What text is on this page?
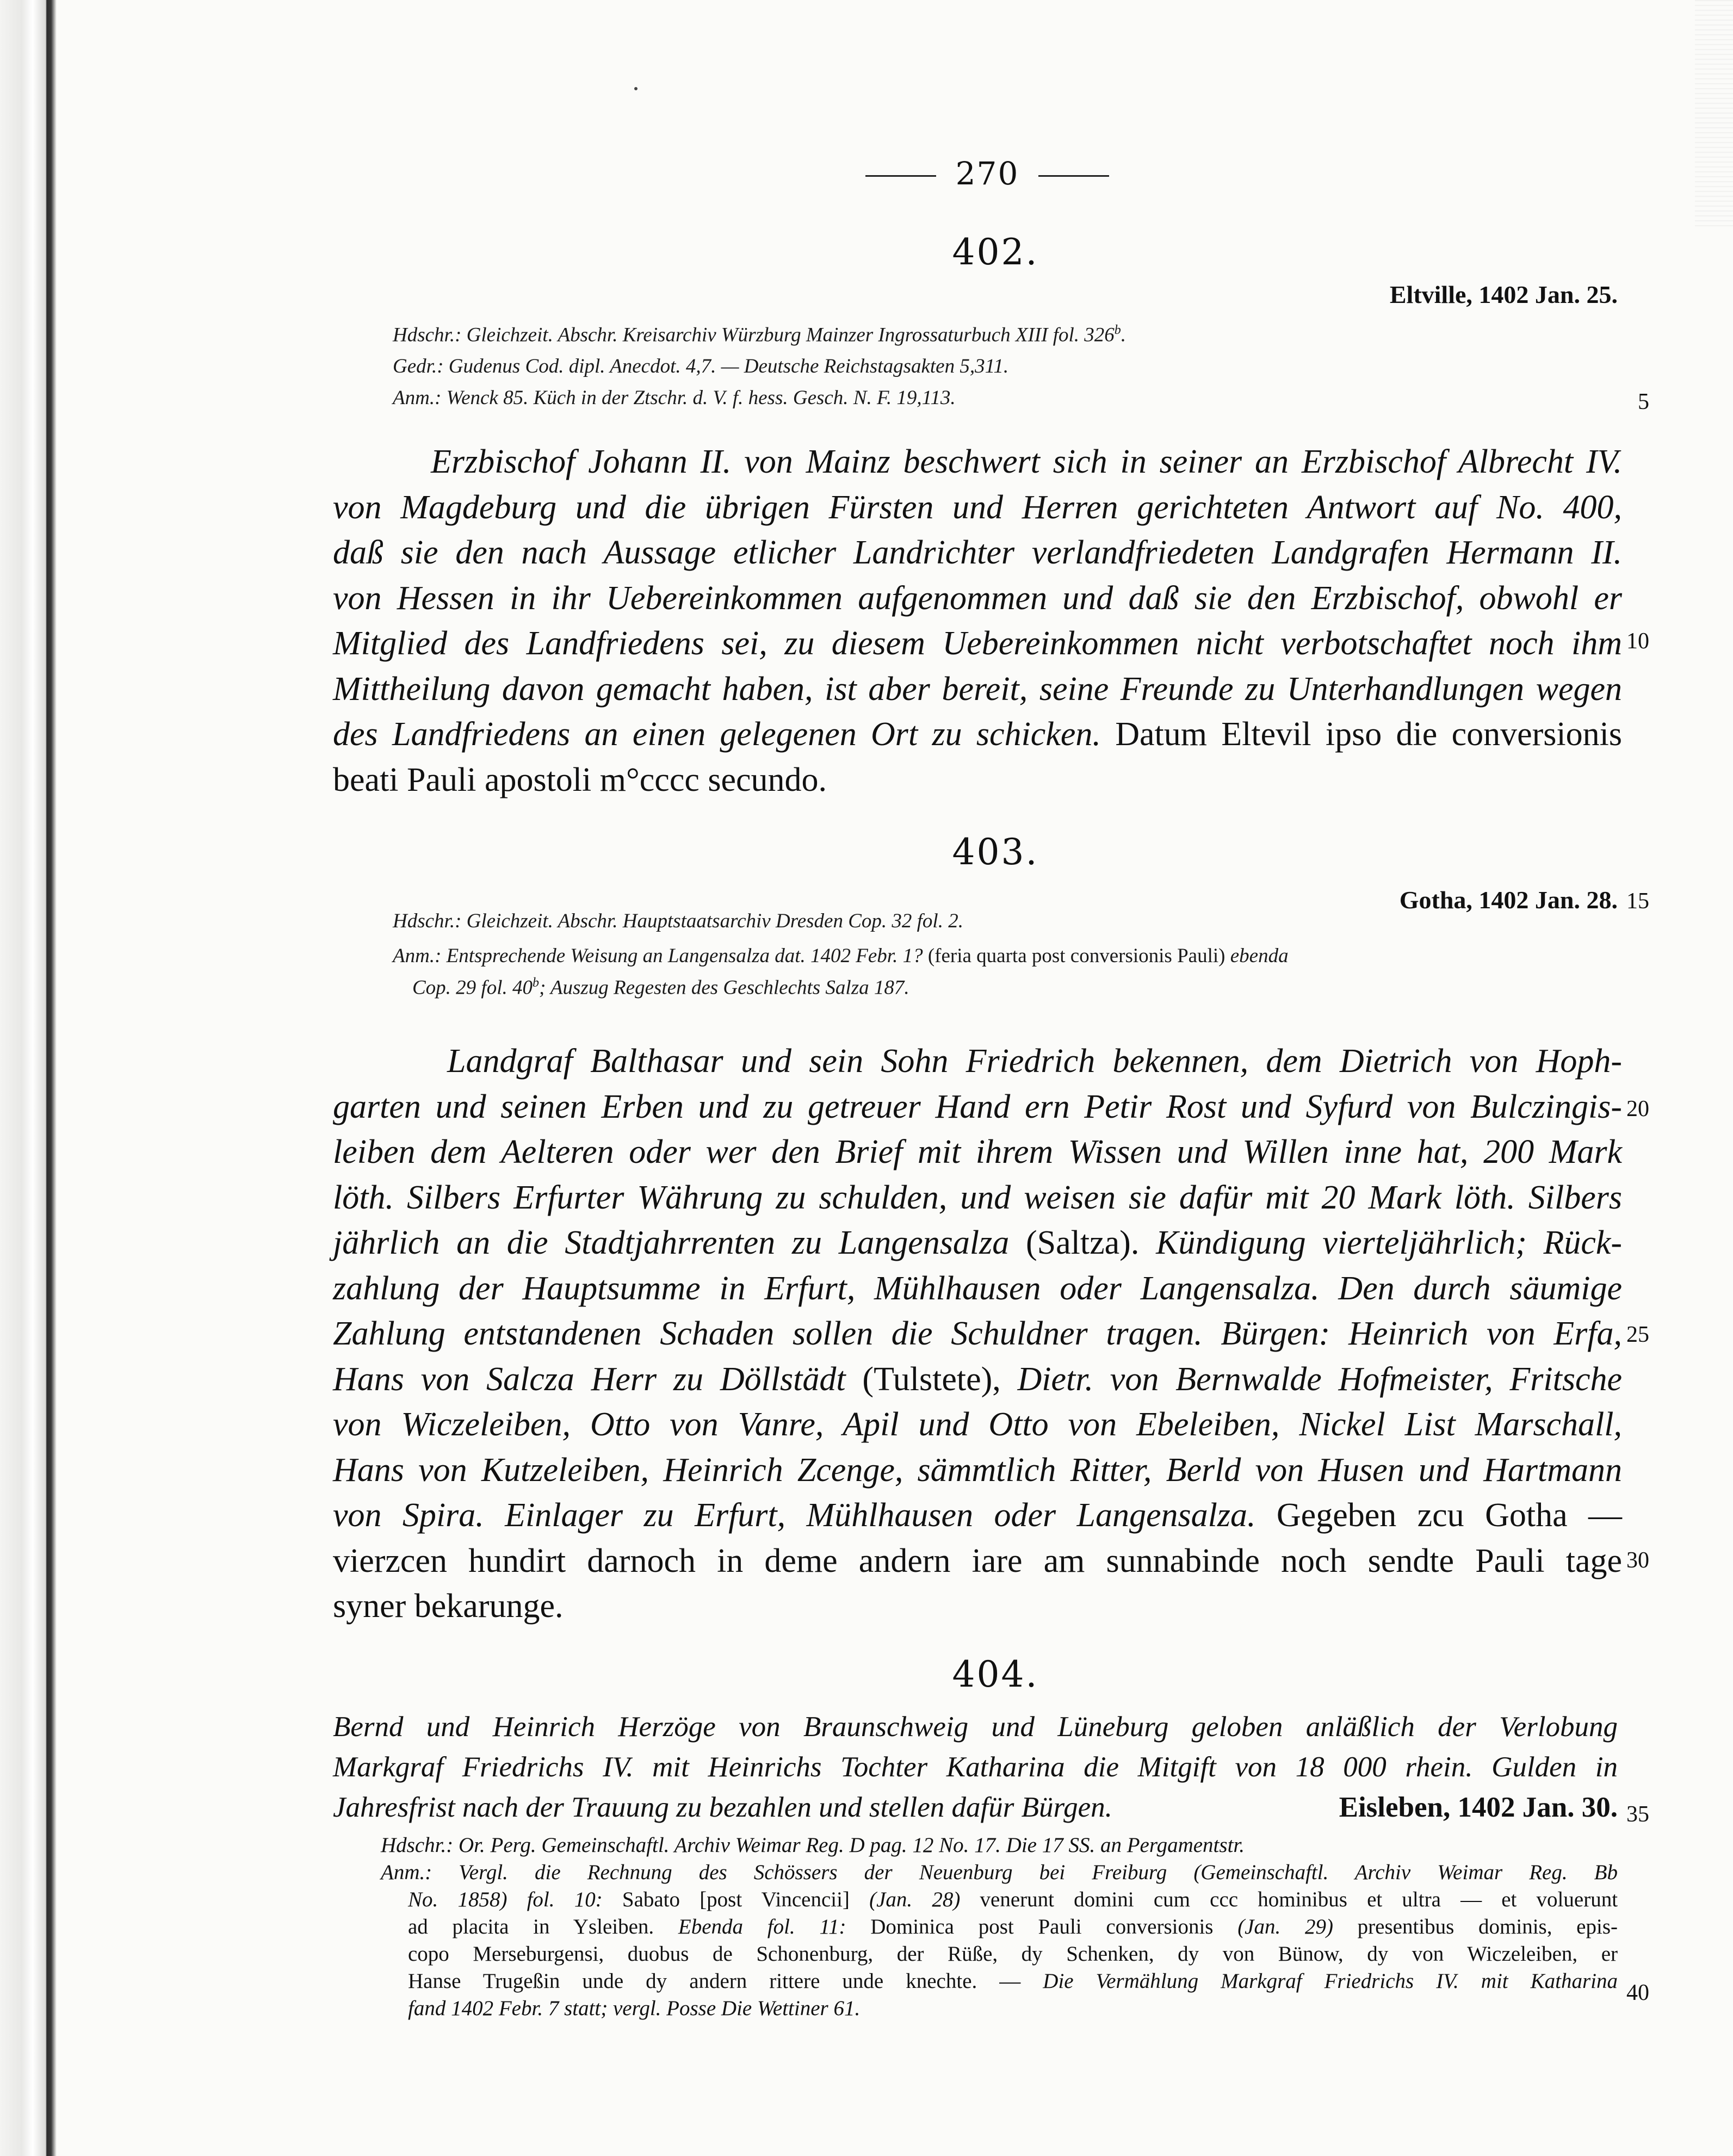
270
402.
Eltville, 1402 Jan. 25.
Hdschr.: Gleichzeit. Abschr. Kreisarchiv Würzburg Mainzer Ingrossaturbuch XIII fol. 326$^b$.
Gedr.: Gudenus Cod. dipl. Anecdot. 4,7. — Deutsche Reichstagsakten 5,311.
Anm.: Wenck 85. Küch in der Ztschr. d. V. f. hess. Gesch. N. F. 19,113.

Erzbischof Johann II. von Mainz beschwert sich in seiner an Erzbischof Albrecht IV.

von Magdeburg und die übrigen Fürsten und Herren gerichteten Antwort auf No. 400,

daß sie den nach Aussage etlicher Landrichter verlandfriedeten Landgrafen Hermann II.

von Hessen in ihr Uebereinkommen aufgenommen und daß sie den Erzbischof, obwohl er

Mitglied des Landfriedens sei, zu diesem Uebereinkommen nicht verbotschaftet noch ihm

Mittheilung davon gemacht haben, ist aber bereit, seine Freunde zu Unterhandlungen wegen

des Landfriedens an einen gelegenen Ort zu schicken. Datum Eltevil ipso die conversionis

beati Pauli apostoli m°cccc secundo.

403.
Gotha, 1402 Jan. 28.
Hdschr.: Gleichzeit. Abschr. Hauptstaatsarchiv Dresden Cop. 32 fol. 2.
Anm.: Entsprechende Weisung an Langensalza dat. 1402 Febr. 1? (feria quarta post conversionis Pauli) ebenda
Cop. 29 fol. 40$^b$; Auszug Regesten des Geschlechts Salza 187.

Landgraf Balthasar und sein Sohn Friedrich bekennen, dem Dietrich von Hoph-

garten und seinen Erben und zu getreuer Hand ern Petir Rost und Syfurd von Bulczingis-

leiben dem Aelteren oder wer den Brief mit ihrem Wissen und Willen inne hat, 200 Mark

löth. Silbers Erfurter Währung zu schulden, und weisen sie dafür mit 20 Mark löth. Silbers

jährlich an die Stadtjahrrenten zu Langensalza (Saltza). Kündigung vierteljährlich; Rück-

zahlung der Hauptsumme in Erfurt, Mühlhausen oder Langensalza. Den durch säumige

Zahlung entstandenen Schaden sollen die Schuldner tragen. Bürgen: Heinrich von Erfa,

Hans von Salcza Herr zu Döllstädt (Tulstete), Dietr. von Bernwalde Hofmeister, Fritsche

von Wiczeleiben, Otto von Vanre, Apil und Otto von Ebeleiben, Nickel List Marschall,

Hans von Kutzeleiben, Heinrich Zcenge, sämmtlich Ritter, Berld von Husen und Hartmann

von Spira. Einlager zu Erfurt, Mühlhausen oder Langensalza. Gegeben zcu Gotha —

vierzcen hundirt darnoch in deme andern iare am sunnabinde noch sendte Pauli tage

syner bekarunge.

404.
Bernd und Heinrich Herzöge von Braunschweig und Lüneburg geloben anläßlich der Verlobung
Markgraf Friedrichs IV. mit Heinrichs Tochter Katharina die Mitgift von 18 000 rhein. Gulden in
Jahresfrist nach der Trauung zu bezahlen und stellen dafür Bürgen.	Eisleben, 1402 Jan. 30.
Hdschr.: Or. Perg. Gemeinschaftl. Archiv Weimar Reg. D pag. 12 No. 17. Die 17 SS. an Pergamentstr.
Anm.: Vergl. die Rechnung des Schössers der Neuenburg bei Freiburg (Gemeinschaftl. Archiv Weimar Reg. Bb
No. 1858) fol. 10: Sabato [post Vincencii] (Jan. 28) venerunt domini cum ccc hominibus et ultra — et voluerunt
ad placita in Ysleiben. Ebenda fol. 11: Dominica post Pauli conversionis (Jan. 29) presentibus dominis, epis-
copo Merseburgensi, duobus de Schonenburg, der Rüße, dy Schenken, dy von Bünow, dy von Wiczeleiben, er
Hanse Trugeßin unde dy andern rittere unde knechte. — Die Vermählung Markgraf Friedrichs IV. mit Katharina
fand 1402 Febr. 7 statt; vergl. Posse Die Wettiner 61.
5
10
15
20
25
30
35
40
